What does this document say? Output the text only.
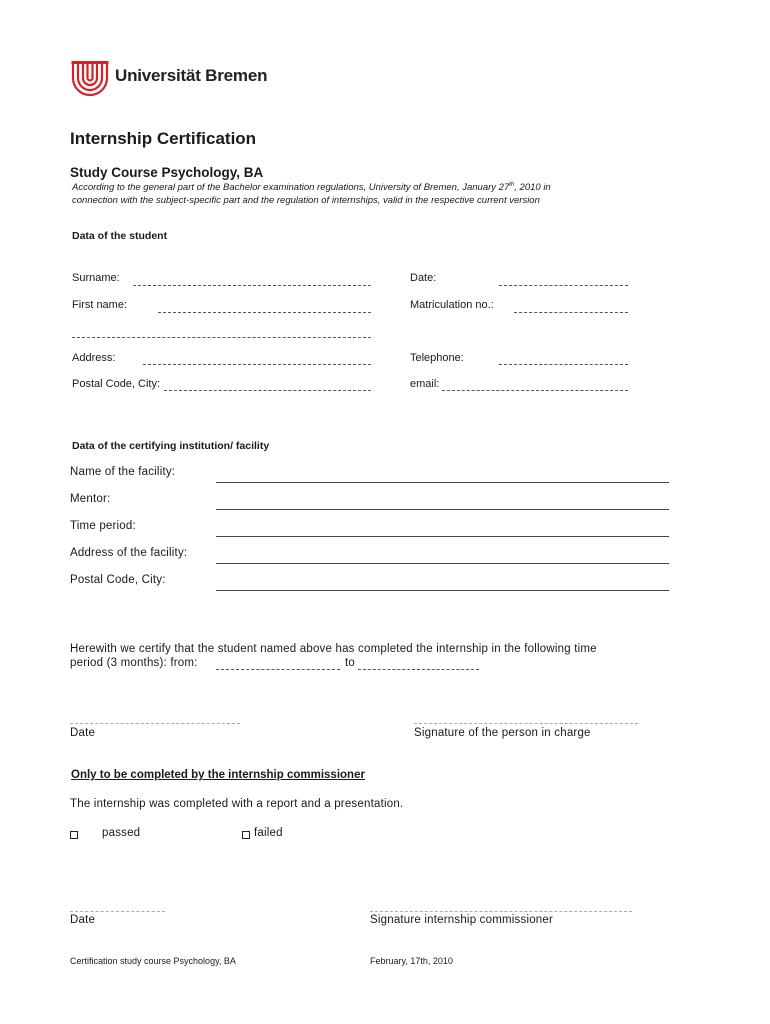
Universität Bremen
Internship Certification
Study Course Psychology, BA
According to the general part of the Bachelor examination regulations, University of Bremen, January 27th, 2010 in
connection with the subject-specific part and the regulation of internships, valid in the respective current version
Data of the student
Surname:	Date:
First name:	Matriculation no.:
Address:	Telephone:
Postal Code, City:	email:
Data of the certifying institution/ facility
Name of the facility:
Mentor:
Time period:
Address of the facility:
Postal Code, City:
Herewith we certify that the student named above has completed the internship in the following time
period (3 months): from:	to
Date	Signature of the person in charge
Only to be completed by the internship commissioner
The internship was completed with a report and a presentation.
passed	failed
Date	Signature internship commissioner
Certification study course Psychology, BA	February, 17th, 2010
